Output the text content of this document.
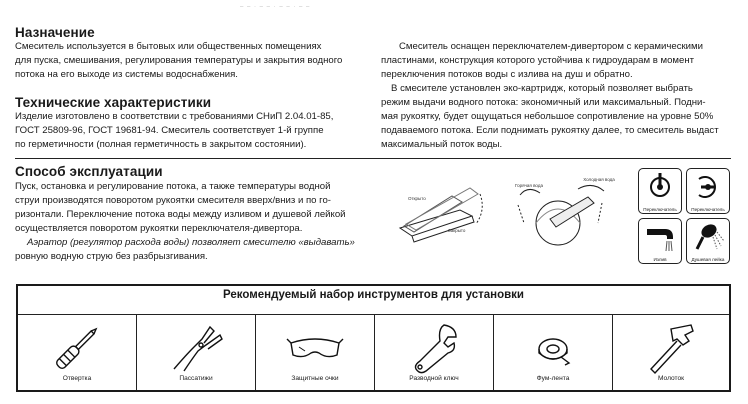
– – · – – · – – · – –
Назначение
Смеситель используется в бытовых или общественных помещениях
для пуска, смешивания, регулирования температуры и закрытия водного
потока на его выходе из системы водоснабжения.
Технические характеристики
Изделие изготовлено в соответствии с требованиями СНиП 2.04.01-85,
ГОСТ 25809-96, ГОСТ 19681-94. Смеситель соответствует 1-й группе
по герметичности (полная герметичность в закрытом состоянии).
Смеситель оснащен переключателем-дивертором с керамическими
пластинами, конструкция которого устойчива к гидроударам в момент
переключения потоков воды с излива на душ и обратно.
В смесителе установлен эко-картридж, который позволяет выбрать
режим выдачи водного потока: экономичный или максимальный. Подни-
мая рукоятку, будет ощущаться небольшое сопротивление на уровне 50%
подаваемого потока. Если поднимать рукоятку далее, то смеситель выдаст
максимальный поток воды.
Способ эксплуатации
Пуск, остановка и регулирование потока, а также температуры водной
струи производятся поворотом рукоятки смесителя вверх/вниз и по го-
ризонтали. Переключение потока воды между изливом и душевой лейкой
осуществляется поворотом рукоятки переключателя-дивертора.
Аэратор (регулятор расхода воды) позволяет смесителю «выдавать»
ровную водную струю без разбрызгивания.
Открыто
Закрыто
Горячая вода
Холодная вода
Переключатель	Переключатель
Излив	Душевая лейка
Рекомендуемый набор инструментов для установки
Отвертка	Пассатижи	Защитные очки	Разводной ключ	Фум-лента	Молоток
